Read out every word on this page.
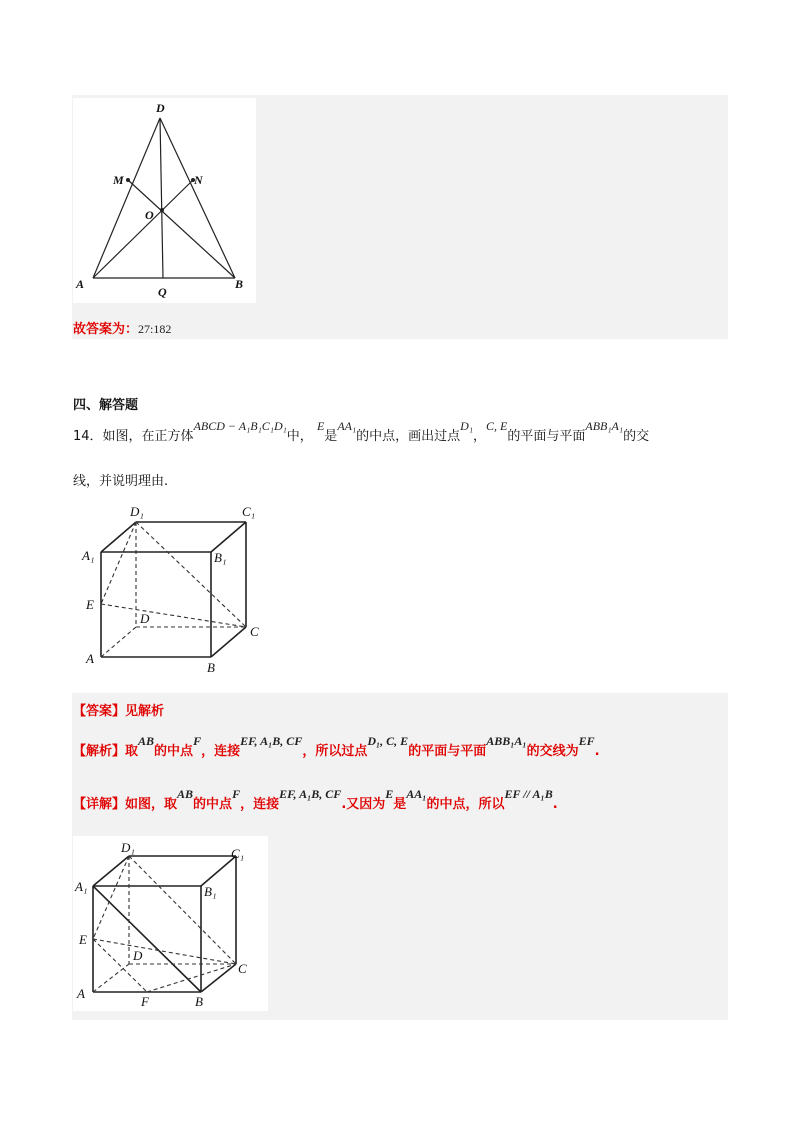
D
M	N
O
A
Q
B
故答案为：27:182
四、解答题
14．如图，在正方体ABCD − A₁B₁C₁D₁中， E是AA₁的中点，画出过点D₁，C, E的平面与平面ABB₁A₁的交
线，并说明理由.
D₁	C₁
A₁	B₁
E
D
C
A
B
【答案】见解析
【解析】取AB的中点F，连接EF, A₁B, CF，所以过点D₁, C, E的平面与平面ABB₁A₁的交线为EF.
【详解】如图，取AB的中点F，连接EF, A₁B, CF.又因为E是AA₁的中点，所以EF // A₁B.
D₁	C₁
A₁	B₁
E
D
C
A
F	B
